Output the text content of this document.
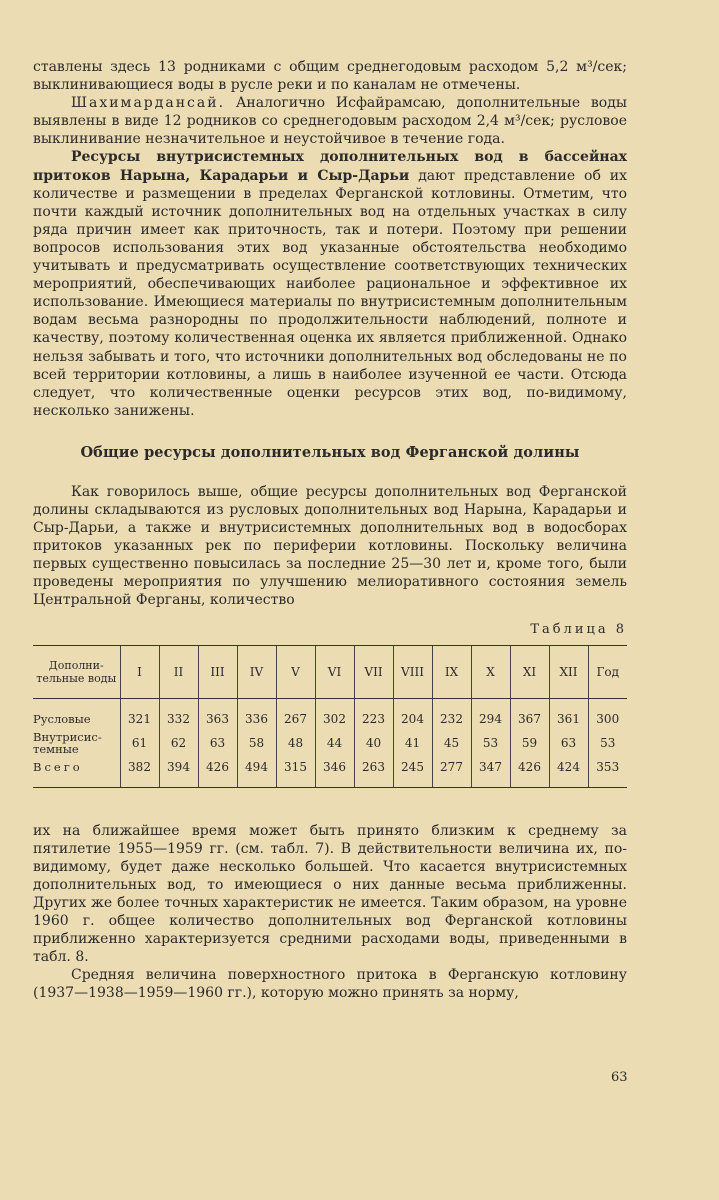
ставлены здесь 13 родниками с общим среднегодовым расходом 5,2 м³/сек; выклинивающиеся воды в русле реки и по каналам не отмечены.

Шахимардансай. Аналогично Исфайрамсаю, дополнительные воды выявлены в виде 12 родников со среднегодовым расходом 2,4 м³/сек; русловое выклинивание незначительное и неустойчивое в течение года.

Ресурсы внутрисистемных дополнительных вод в бассейнах притоков Нарына, Карадарьи и Сыр-Дарьи дают представление об их количестве и размещении в пределах Ферганской котловины. Отметим, что почти каждый источник дополнительных вод на отдельных участках в силу ряда причин имеет как приточность, так и потери. Поэтому при решении вопросов использования этих вод указанные обстоятельства необходимо учитывать и предусматривать осуществление соответствующих технических мероприятий, обеспечивающих наиболее рациональное и эффективное их использование. Имеющиеся материалы по внутрисистемным дополнительным водам весьма разнородны по продолжительности наблюдений, полноте и качеству, поэтому количественная оценка их является приближенной. Однако нельзя забывать и того, что источники дополнительных вод обследованы не по всей территории котловины, а лишь в наиболее изученной ее части. Отсюда следует, что количественные оценки ресурсов этих вод, по-видимому, несколько занижены.

Общие ресурсы дополнительных вод Ферганской долины

Как говорилось выше, общие ресурсы дополнительных вод Ферганской долины складываются из русловых дополнительных вод Нарына, Карадарьи и Сыр-Дарьи, а также и внутрисистемных дополнительных вод в водосборах притоков указанных рек по периферии котловины. Поскольку величина первых существенно повысилась за последние 25—30 лет и, кроме того, были проведены мероприятия по улучшению мелиоративного состояния земель Центральной Ферганы, количество

Таблица 8
Дополни-тельные воды	I	II	III	IV	V	VI	VII	VIII	IX	X	XI	XII	Год
Русловые	321	332	363	336	267	302	223	204	232	294	367	361	300
Внутрисис-темные	61	62	63	58	48	44	40	41	45	53	59	63	53
Всего	382	394	426	494	315	346	263	245	277	347	426	424	353

их на ближайшее время может быть принято близким к среднему за пятилетие 1955—1959 гг. (см. табл. 7). В действительности величина их, по-видимому, будет даже несколько большей. Что касается внутрисистемных дополнительных вод, то имеющиеся о них данные весьма приближенны. Других же более точных характеристик не имеется. Таким образом, на уровне 1960 г. общее количество дополнительных вод Ферганской котловины приближенно характеризуется средними расходами воды, приведенными в табл. 8.

Средняя величина поверхностного притока в Ферганскую котловину (1937—1938—1959—1960 гг.), которую можно принять за норму,

63
